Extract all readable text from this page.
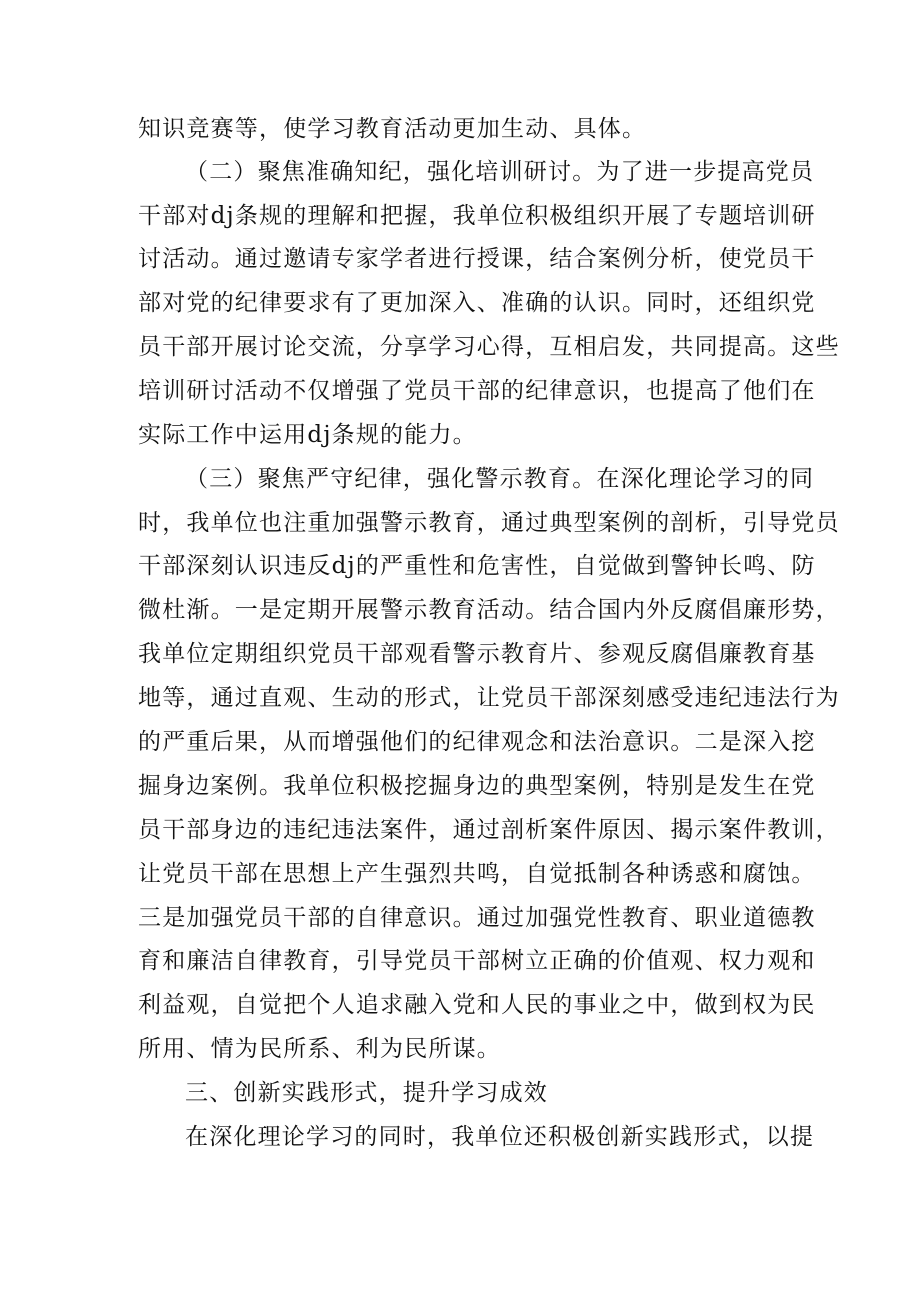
知识竞赛等，使学习教育活动更加生动、具体。
（二）聚焦准确知纪，强化培训研讨。为了进一步提高党员
干部对dj条规的理解和把握，我单位积极组织开展了专题培训研
讨活动。通过邀请专家学者进行授课，结合案例分析，使党员干
部对党的纪律要求有了更加深入、准确的认识。同时，还组织党
员干部开展讨论交流，分享学习心得，互相启发，共同提高。这些
培训研讨活动不仅增强了党员干部的纪律意识，也提高了他们在
实际工作中运用dj条规的能力。
（三）聚焦严守纪律，强化警示教育。在深化理论学习的同
时，我单位也注重加强警示教育，通过典型案例的剖析，引导党员
干部深刻认识违反dj的严重性和危害性，自觉做到警钟长鸣、防
微杜渐。一是定期开展警示教育活动。结合国内外反腐倡廉形势，
我单位定期组织党员干部观看警示教育片、参观反腐倡廉教育基
地等，通过直观、生动的形式，让党员干部深刻感受违纪违法行为
的严重后果，从而增强他们的纪律观念和法治意识。二是深入挖
掘身边案例。我单位积极挖掘身边的典型案例，特别是发生在党
员干部身边的违纪违法案件，通过剖析案件原因、揭示案件教训，
让党员干部在思想上产生强烈共鸣，自觉抵制各种诱惑和腐蚀。
三是加强党员干部的自律意识。通过加强党性教育、职业道德教
育和廉洁自律教育，引导党员干部树立正确的价值观、权力观和
利益观，自觉把个人追求融入党和人民的事业之中，做到权为民
所用、情为民所系、利为民所谋。
三、创新实践形式，提升学习成效
在深化理论学习的同时，我单位还积极创新实践形式，以提
